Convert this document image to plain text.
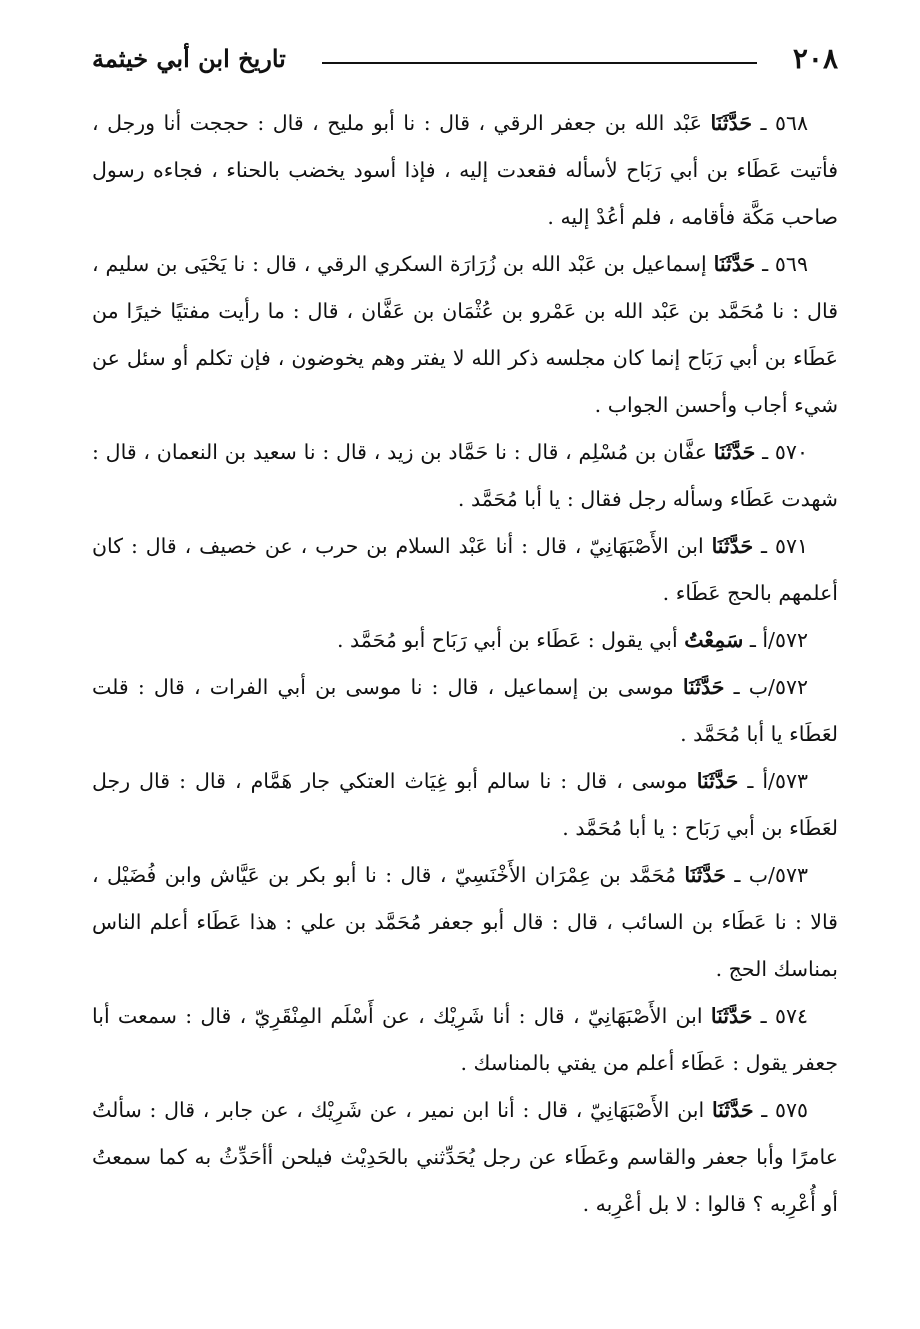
٢٠٨
تاريخ ابن أبي خيثمة

٥٦٨ ـ حَدَّثَنَا عَبْد الله بن جعفر الرقي ، قال : نا أبو مليح ، قال : حججت أنا ورجل ، فأتيت عَطَاء بن أبي رَبَاح لأسأله فقعدت إليه ، فإذا أسود يخضب بالحناء ، فجاءه رسول صاحب مَكَّة فأقامه ، فلم أعُدْ إليه .

٥٦٩ ـ حَدَّثَنَا إسماعيل بن عَبْد الله بن زُرَارَة السكري الرقي ، قال : نا يَحْيَى بن سليم ، قال : نا مُحَمَّد بن عَبْد الله بن عَمْرو بن عُثْمَان بن عَفَّان ، قال : ما رأيت مفتيًا خيرًا من عَطَاء بن أبي رَبَاح إنما كان مجلسه ذكر الله لا يفتر وهم يخوضون ، فإن تكلم أو سئل عن شيء أجاب وأحسن الجواب .

٥٧٠ ـ حَدَّثَنَا عفَّان بن مُسْلِم ، قال : نا حَمَّاد بن زيد ، قال : نا سعيد بن النعمان ، قال : شهدت عَطَاء وسأله رجل فقال : يا أبا مُحَمَّد .

٥٧١ ـ حَدَّثَنَا ابن الأَصْبَهَانِيّ ، قال : أنا عَبْد السلام بن حرب ، عن خصيف ، قال : كان أعلمهم بالحج عَطَاء .

٥٧٢/أ ـ سَمِعْتُ أبي يقول : عَطَاء بن أبي رَبَاح أبو مُحَمَّد .

٥٧٢/ب ـ حَدَّثَنَا موسى بن إسماعيل ، قال : نا موسى بن أبي الفرات ، قال : قلت لعَطَاء يا أبا مُحَمَّد .

٥٧٣/أ ـ حَدَّثَنَا موسى ، قال : نا سالم أبو غِيَاث العتكي جار هَمَّام ، قال : قال رجل لعَطَاء بن أبي رَبَاح : يا أبا مُحَمَّد .

٥٧٣/ب ـ حَدَّثَنَا مُحَمَّد بن عِمْرَان الأَخْنَسِيّ ، قال : نا أبو بكر بن عَيَّاش وابن فُضَيْل ، قالا : نا عَطَاء بن السائب ، قال : قال أبو جعفر مُحَمَّد بن علي : هذا عَطَاء أعلم الناس بمناسك الحج .

٥٧٤ ـ حَدَّثَنَا ابن الأَصْبَهَانِيّ ، قال : أنا شَرِيْك ، عن أَسْلَم المِنْقَرِيّ ، قال : سمعت أبا جعفر يقول : عَطَاء أعلم من يفتي بالمناسك .

٥٧٥ ـ حَدَّثَنَا ابن الأَصْبَهَانِيّ ، قال : أنا ابن نمير ، عن شَرِيْك ، عن جابر ، قال : سألتُ عامرًا وأبا جعفر والقاسم وعَطَاء عن رجل يُحَدِّثني بالحَدِيْث فيلحن أأحَدِّثُ به كما سمعتُ أو أُعْرِبه ؟ قالوا : لا بل أعْرِبه .
